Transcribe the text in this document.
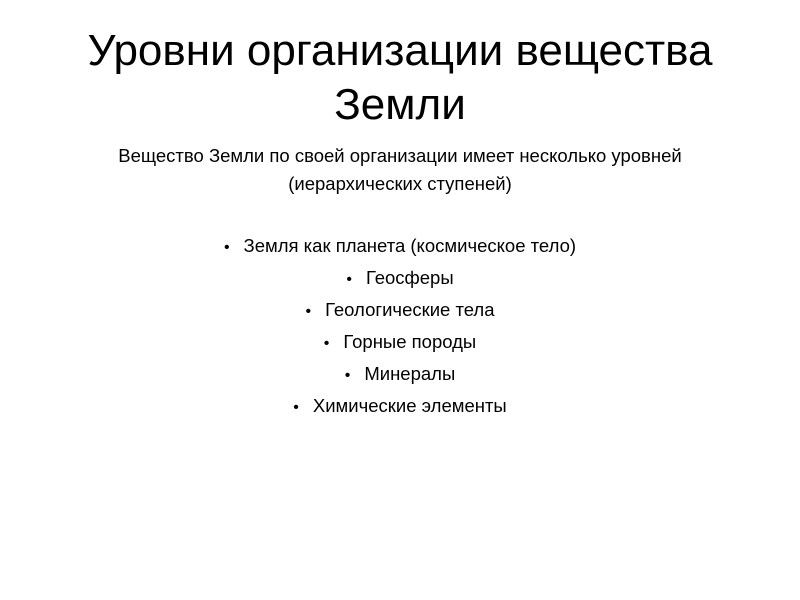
Уровни организации вещества
Земли

Вещество Земли по своей организации имеет несколько уровней
(иерархических ступеней)

• Земля как планета (космическое тело)
• Геосферы
• Геологические тела
• Горные породы
• Минералы
• Химические элементы
